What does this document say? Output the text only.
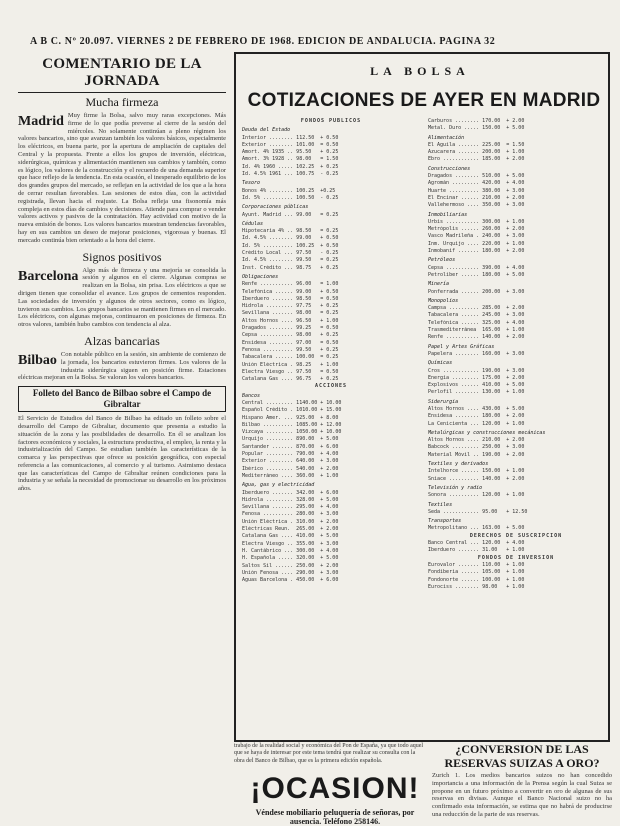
A B C. Nº 20.097. VIERNES 2 DE FEBRERO DE 1968. EDICION DE ANDALUCIA. PAGINA 32
COMENTARIO DE LA JORNADA
Mucha firmeza
Madrid Muy firme la Bolsa, salvo muy raras excepciones. Más firme de lo que podía preverse al cierre de la sesión del miércoles. No solamente continúan a pleno régimen los valores bancarios, sino que avanzan también los valores básicos, especialmente los eléctricos, en buena parte, por la apertura de ampliación de capitales del Central y la propuesta. Frente a ellos los grupos de inversión, eléctricas, siderúrgicas, químicas y alimentación mantienen sus cambios y también, como es lógico, los valores de la construcción y el recuerdo de una demanda superior que hace reflejo de la tendencia. En esta ocasión, el inesperado equilibrio de los dos grandes grupos del mercado, se reflejan en la actividad de los que a la hora de cerrar resultan favorables. Las sesiones de estos días, con la actividad registrada, llevan hacia el reajuste. La Bolsa refleja una fisonomía más compleja en estos días de cambios y decisiones. Atiende para comprar o vender valores activos y pasivos de la contratación. Hay actividad con motivo de la nueva emisión de bonos. Los valores bancarios muestran tendencias favorables, hay en sus cambios un deseo de mejorar posiciones, vigorosas y buenas. El mercado continúa bien orientado a la hora del cierre.

Signos positivos
Barcelona Algo más de firmeza y una mejoría se consolida la sesión y algunos en el cierre. Algunas compras se realizan en la Bolsa, sin prisa. Los eléctricos a que se dirigen tienen que consolidar el avance. Los grupos de cementos responden. Las sociedades de inversión y algunos de otros sectores, como es lógico, tuvieron sus cambios. Los grupos bancarios se mantienen firmes en el mercado. Los eléctricos, con algunas mejoras, continuaron en posiciones de firmeza. En otros valores, también hubo cambios con tendencia al alza.

Alzas bancarias
Bilbao Con notable público en la sesión, sin ambiente de comienzo de la jornada, los bancarios estuvieron firmes. Los valores de la industria siderúrgica siguen en posición firme. Estaciones eléctricas mejoran en la Bolsa. Se valoran los valores bancarios.

Folleto del Banco de Bilbao sobre el Campo de Gibraltar

El Servicio de Estudios del Banco de Bilbao ha editado un folleto sobre el desarrollo del Campo de Gibraltar, documento que presenta a estudio la situación de la zona y las posibilidades de desarrollo. En él se analizan los factores económicos y sociales, la estructura productiva, el empleo, la renta y la industrialización del Campo. Se estudian también las características de la comarca y las perspectivas que ofrece su posición geográfica, con especial referencia a las comunicaciones, al comercio y al turismo. Asimismo destaca que las características del Campo de Gibraltar reúnen condiciones para la industria y se señala la necesidad de promocionar su desarrollo en los próximos años.

LA BOLSA
COTIZACIONES DE AYER EN MADRID
FONDOS PUBLICOS
Deuda del Estado
Interior ........ 112.50  + 0.50
Exterior ........ 101.00  = 0.50
Amort. 4% 1935 .. 95.50   + 0.25
Amort. 3% 1928 .. 98.00   = 1.50
Id. 4% 1960 ..... 102.25  + 0.25
Id. 4.5% 1961 ... 100.75  - 0.25
Tesoro
Bonos 4% ........ 100.25  +0.25
Id. 5% .......... 100.50  - 0.25
Corporaciones públicas
Ayunt. Madrid ... 99.00   = 0.25
Cédulas
Hipotecaria 4% .. 98.50   = 0.25
Id. 4.5% ........ 99.00   + 0.50
Id. 5% .......... 100.25  + 0.50
Crédito Local ... 97.50   - 0.25
Id. 4.5% ........ 99.50   = 0.25
Inst. Crédito ... 98.75   + 0.25
Obligaciones
Renfe ........... 96.00   = 1.00
Telefónica ...... 99.00   + 0.50
Iberduero ....... 98.50   = 0.50
Hidrola ......... 97.75   + 0.25
Sevillana ....... 98.00   = 0.25
Altos Hornos .... 96.50   + 1.00
Dragados ........ 99.25   = 0.50
Cepsa ........... 98.00   + 0.25
Ensidesa ........ 97.00   = 0.50
Fenosa .......... 99.50   + 0.25
Tabacalera ...... 100.00  = 0.25
Unión Eléctrica . 98.25   + 1.00
Electra Viesgo .. 97.50   = 0.50
Catalana Gas .... 96.75   + 0.25
ACCIONES
Bancos
Central ......... 1140.00 + 10.00
Español Crédito . 1010.00 + 15.00
Hispano Amer. ... 925.00  + 8.00
Bilbao .......... 1085.00 + 12.00
Vizcaya ......... 1050.00 + 10.00
Urquijo ......... 890.00  + 5.00
Santander ....... 870.00  + 6.00
Popular ......... 790.00  + 4.00
Exterior ........ 640.00  + 3.00
Ibérico ......... 540.00  + 2.00
Mediterráneo .... 360.00  + 1.00
Agua, gas y electricidad
Iberduero ....... 342.00  + 6.00
Hidrola ......... 328.00  + 5.00
Sevillana ....... 295.00  + 4.00
Fenosa .......... 280.00  + 3.00
Unión Eléctrica . 310.00  + 2.00
Eléctricas Reun.  265.00  + 2.00
Catalana Gas .... 410.00  + 5.00
Electra Viesgo .. 355.00  + 3.00
H. Cantábrico ... 300.00  + 4.00
H. Española ..... 320.00  + 5.00
Saltos Sil ...... 250.00  + 2.00
Unión Fenosa .... 290.00  + 3.00
Aguas Barcelona . 450.00  + 6.00
Carburos ........ 170.00  + 2.00
Metal. Duro ..... 150.00  + 5.00
Alimentación
El Aguila ....... 225.00  = 1.50
Azucarera ....... 200.00  + 1.00
Ebro ............ 185.00  + 2.00
Construcciones
Dragados ........ 510.00  + 5.00
Agromán ......... 420.00  + 4.00
Huarte .......... 380.00  + 3.00
El Encinar ...... 210.00  + 2.00
Vallehermoso .... 350.00  + 3.00
Inmobiliarias
Urbis ........... 300.00  + 1.00
Metrópolis ...... 260.00  + 2.00
Vasco Madrileña . 240.00  + 3.00
Inm. Urquijo .... 220.00  + 1.00
Inmobanif ....... 180.00  + 2.00
Petróleos
Cepsa ........... 390.00  + 4.00
Petroliber ...... 180.00  + 5.00
Minería
Ponferrada ...... 200.00  + 3.00
Monopolios
Campsa .......... 285.00  + 2.00
Tabacalera ...... 245.00  + 3.00
Telefónica ...... 325.00  + 4.00
Trasmediterránea  165.00  + 1.00
Renfe ........... 140.00  + 2.00
Papel y Artes Gráficas
Papelera ........ 160.00  + 3.00
Químicas
Cros ............ 190.00  + 3.00
Energía ......... 175.00  + 2.00
Explosivos ...... 410.00  + 5.00
Perlofil ........ 130.00  + 1.00
Siderurgia
Altos Hornos .... 430.00  + 5.00
Ensidesa ........ 180.00  + 2.00
La Cenicienta ... 120.00  + 1.00
Metalúrgicas y construcciones mecánicas
Altos Hornos .... 210.00  + 2.00
Babcock ......... 250.00  + 3.00
Material Móvil .. 190.00  + 2.00
Textiles y derivados
Intelhorce ...... 150.00  + 1.00
Sniace .......... 140.00  + 2.00
Televisión y radio
Sonora .......... 120.00  + 1.00
Textiles
Seda ............ 95.00   + 12.50
Transportes
Metropolitano ... 163.00  + 5.00
DERECHOS DE SUSCRIPCION
Banco Central ... 120.00  + 4.00
Iberduero ....... 31.00   + 1.00
FONDOS DE INVERSION
Eurovalor ....... 110.00  + 1.00
Fondiberia ...... 105.00  + 1.00
Fondonorte ...... 100.00  + 1.00
Eurociss ........ 98.00   + 1.00
trabajo de la realidad social y económica del Pon de España, ya que todo aquel que se haya de interesar por este tema tendrá que realizar su consulta con la obra del Banco de Bilbao, que es la primera edición española.
¡OCASION!
Véndese mobiliario peluquería de señoras, por ausencia. Teléfono 258146.
¿CONVERSION DE LAS RESERVAS SUIZAS A ORO?
Zurich 1. Los medios bancarios suizos no han concedido importancia a una información de la Prensa según la cual Suiza se propone en un futuro próximo a convertir en oro de algunas de sus reservas en divisas. Aunque el Banco Nacional suizo no ha confirmado esta información, se estima que no habrá de producirse una reducción de la parte de sus reservas.
